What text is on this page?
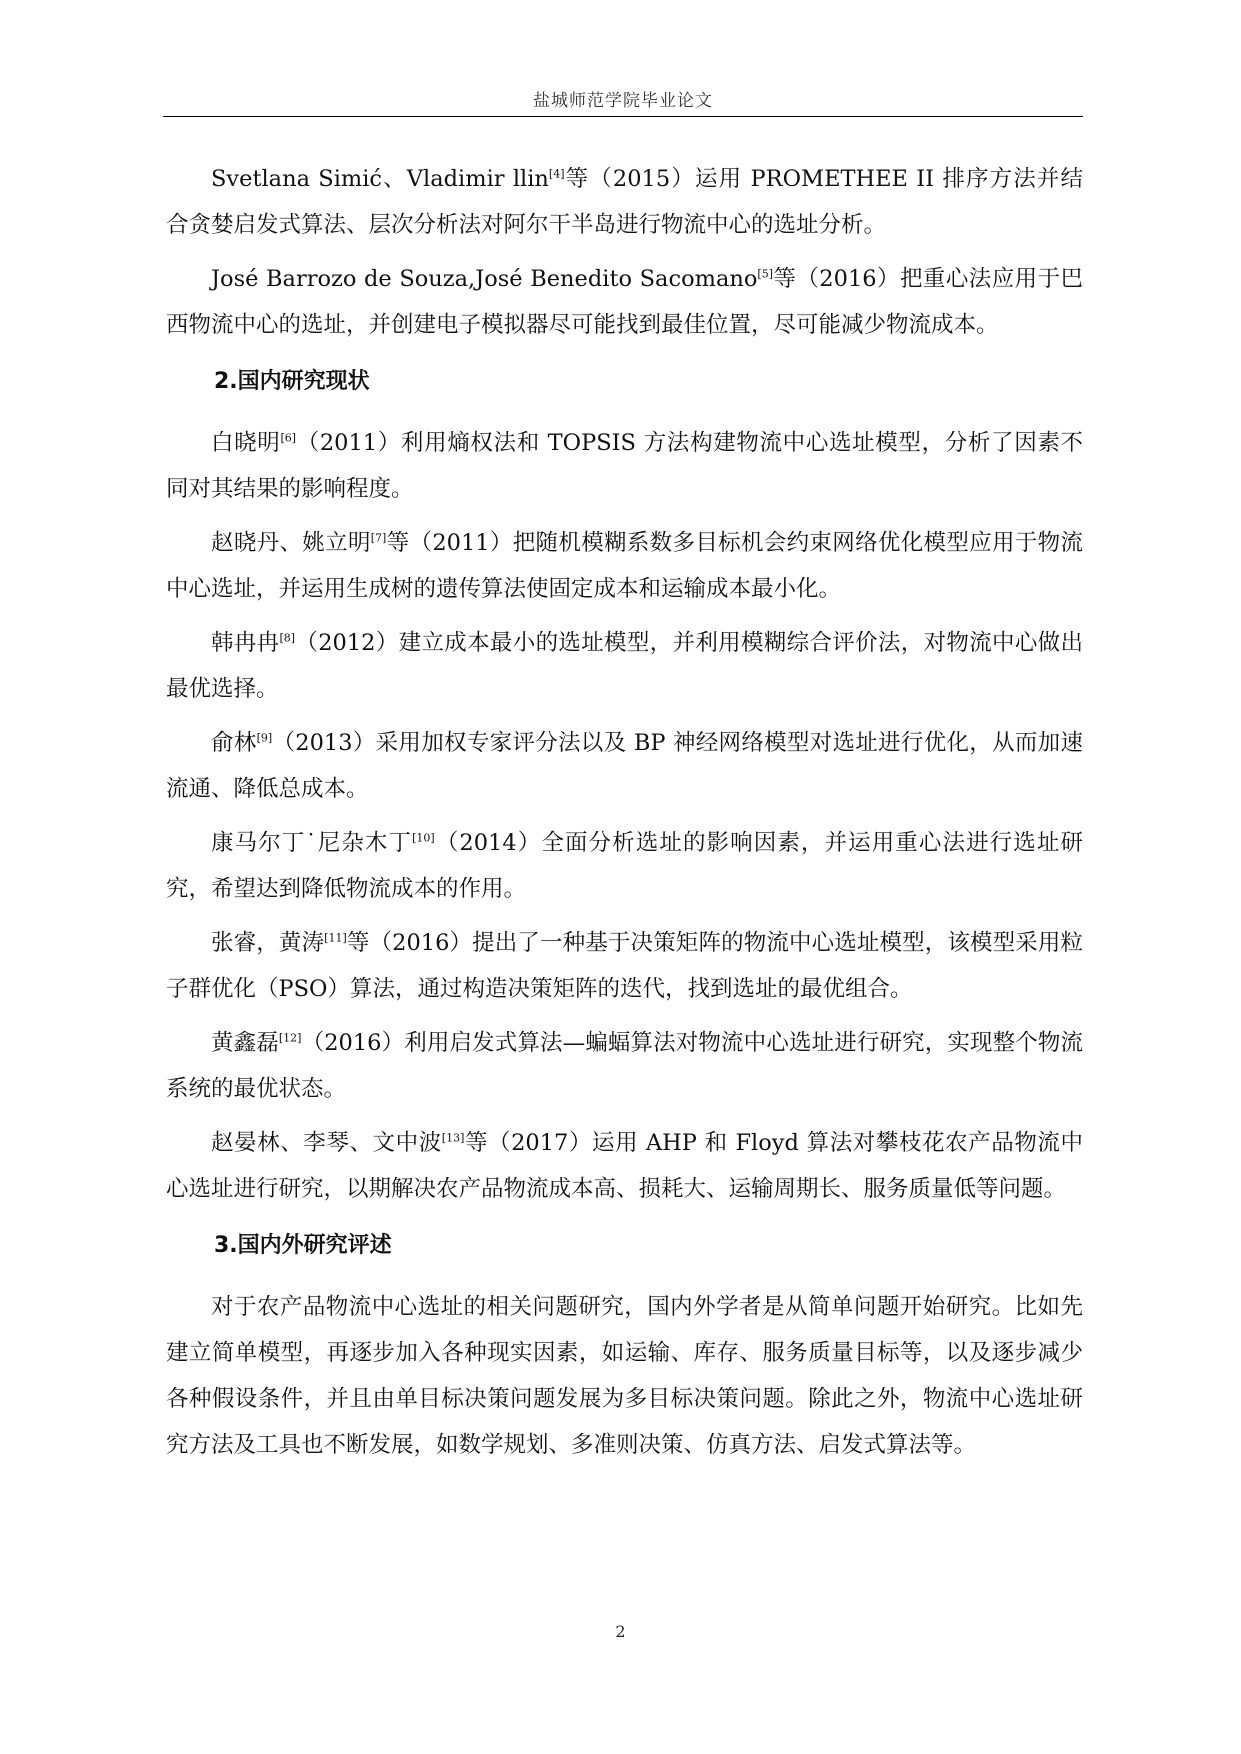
盐城师范学院毕业论文

Svetlana Simić、Vladimir llin[4]等（2015）运用 PROMETHEE II 排序方法并结合贪婪启发式算法、层次分析法对阿尔干半岛进行物流中心的选址分析。

José Barrozo de Souza,José Benedito Sacomano[5]等（2016）把重心法应用于巴西物流中心的选址，并创建电子模拟器尽可能找到最佳位置，尽可能减少物流成本。

2.国内研究现状

白晓明[6]（2011）利用熵权法和 TOPSIS 方法构建物流中心选址模型，分析了因素不同对其结果的影响程度。

赵晓丹、姚立明[7]等（2011）把随机模糊系数多目标机会约束网络优化模型应用于物流中心选址，并运用生成树的遗传算法使固定成本和运输成本最小化。

韩冉冉[8]（2012）建立成本最小的选址模型，并利用模糊综合评价法，对物流中心做出最优选择。

俞林[9]（2013）采用加权专家评分法以及 BP 神经网络模型对选址进行优化，从而加速流通、降低总成本。

康马尔丁˙尼杂木丁[10]（2014）全面分析选址的影响因素，并运用重心法进行选址研究，希望达到降低物流成本的作用。

张睿，黄涛[11]等（2016）提出了一种基于决策矩阵的物流中心选址模型，该模型采用粒子群优化（PSO）算法，通过构造决策矩阵的迭代，找到选址的最优组合。

黄鑫磊[12]（2016）利用启发式算法—蝙蝠算法对物流中心选址进行研究，实现整个物流系统的最优状态。

赵晏林、李琴、文中波[13]等（2017）运用 AHP 和 Floyd 算法对攀枝花农产品物流中心选址进行研究，以期解决农产品物流成本高、损耗大、运输周期长、服务质量低等问题。

3.国内外研究评述

对于农产品物流中心选址的相关问题研究，国内外学者是从简单问题开始研究。比如先建立简单模型，再逐步加入各种现实因素，如运输、库存、服务质量目标等，以及逐步减少各种假设条件，并且由单目标决策问题发展为多目标决策问题。除此之外，物流中心选址研究方法及工具也不断发展，如数学规划、多准则决策、仿真方法、启发式算法等。

2
